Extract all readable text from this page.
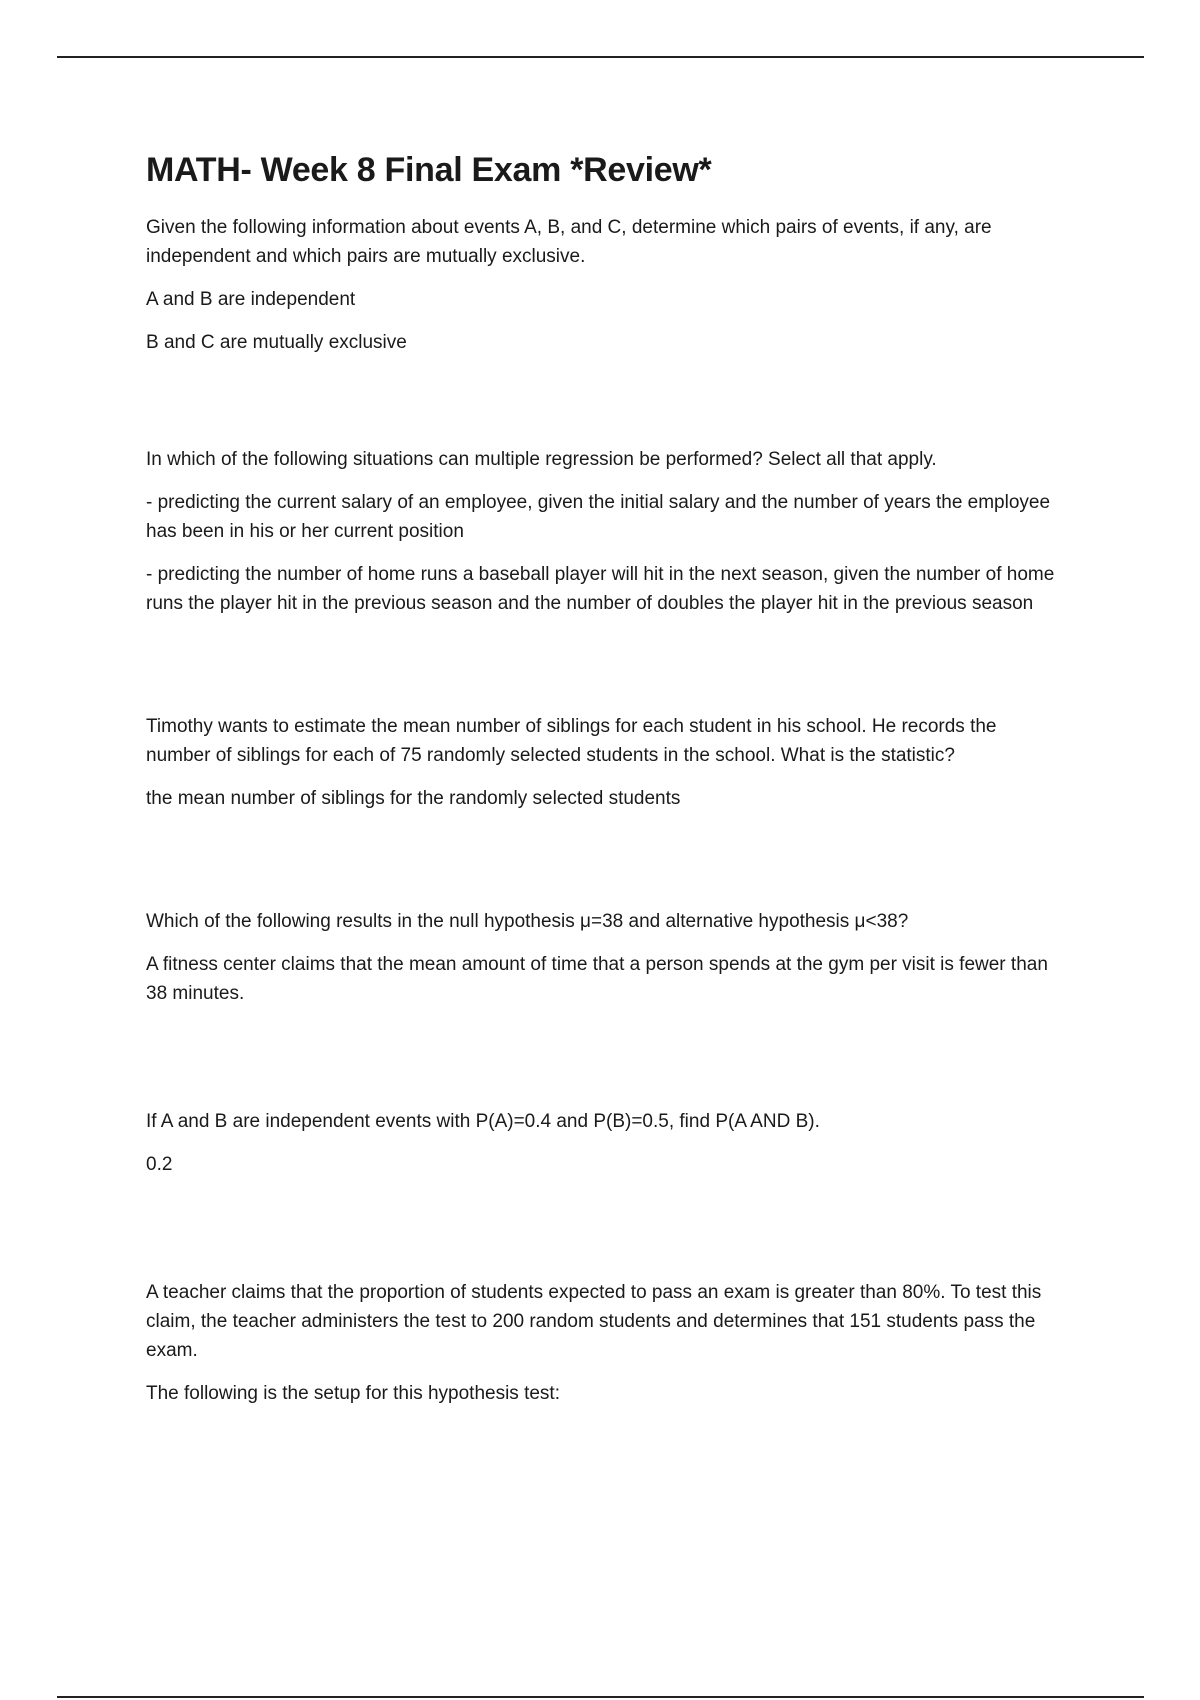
MATH- Week 8 Final Exam *Review*

Given the following information about events A, B, and C, determine which pairs of events, if any, are independent and which pairs are mutually exclusive.

A and B are independent

B and C are mutually exclusive

In which of the following situations can multiple regression be performed? Select all that apply.

- predicting the current salary of an employee, given the initial salary and the number of years the employee has been in his or her current position

- predicting the number of home runs a baseball player will hit in the next season, given the number of home runs the player hit in the previous season and the number of doubles the player hit in the previous season

Timothy wants to estimate the mean number of siblings for each student in his school. He records the number of siblings for each of 75 randomly selected students in the school. What is the statistic?

the mean number of siblings for the randomly selected students

Which of the following results in the null hypothesis μ=38 and alternative hypothesis μ<38?

A fitness center claims that the mean amount of time that a person spends at the gym per visit is fewer than 38 minutes.

If A and B are independent events with P(A)=0.4 and P(B)=0.5, find P(A AND B).

0.2

A teacher claims that the proportion of students expected to pass an exam is greater than 80%. To test this claim, the teacher administers the test to 200 random students and determines that 151 students pass the exam.

The following is the setup for this hypothesis test:
